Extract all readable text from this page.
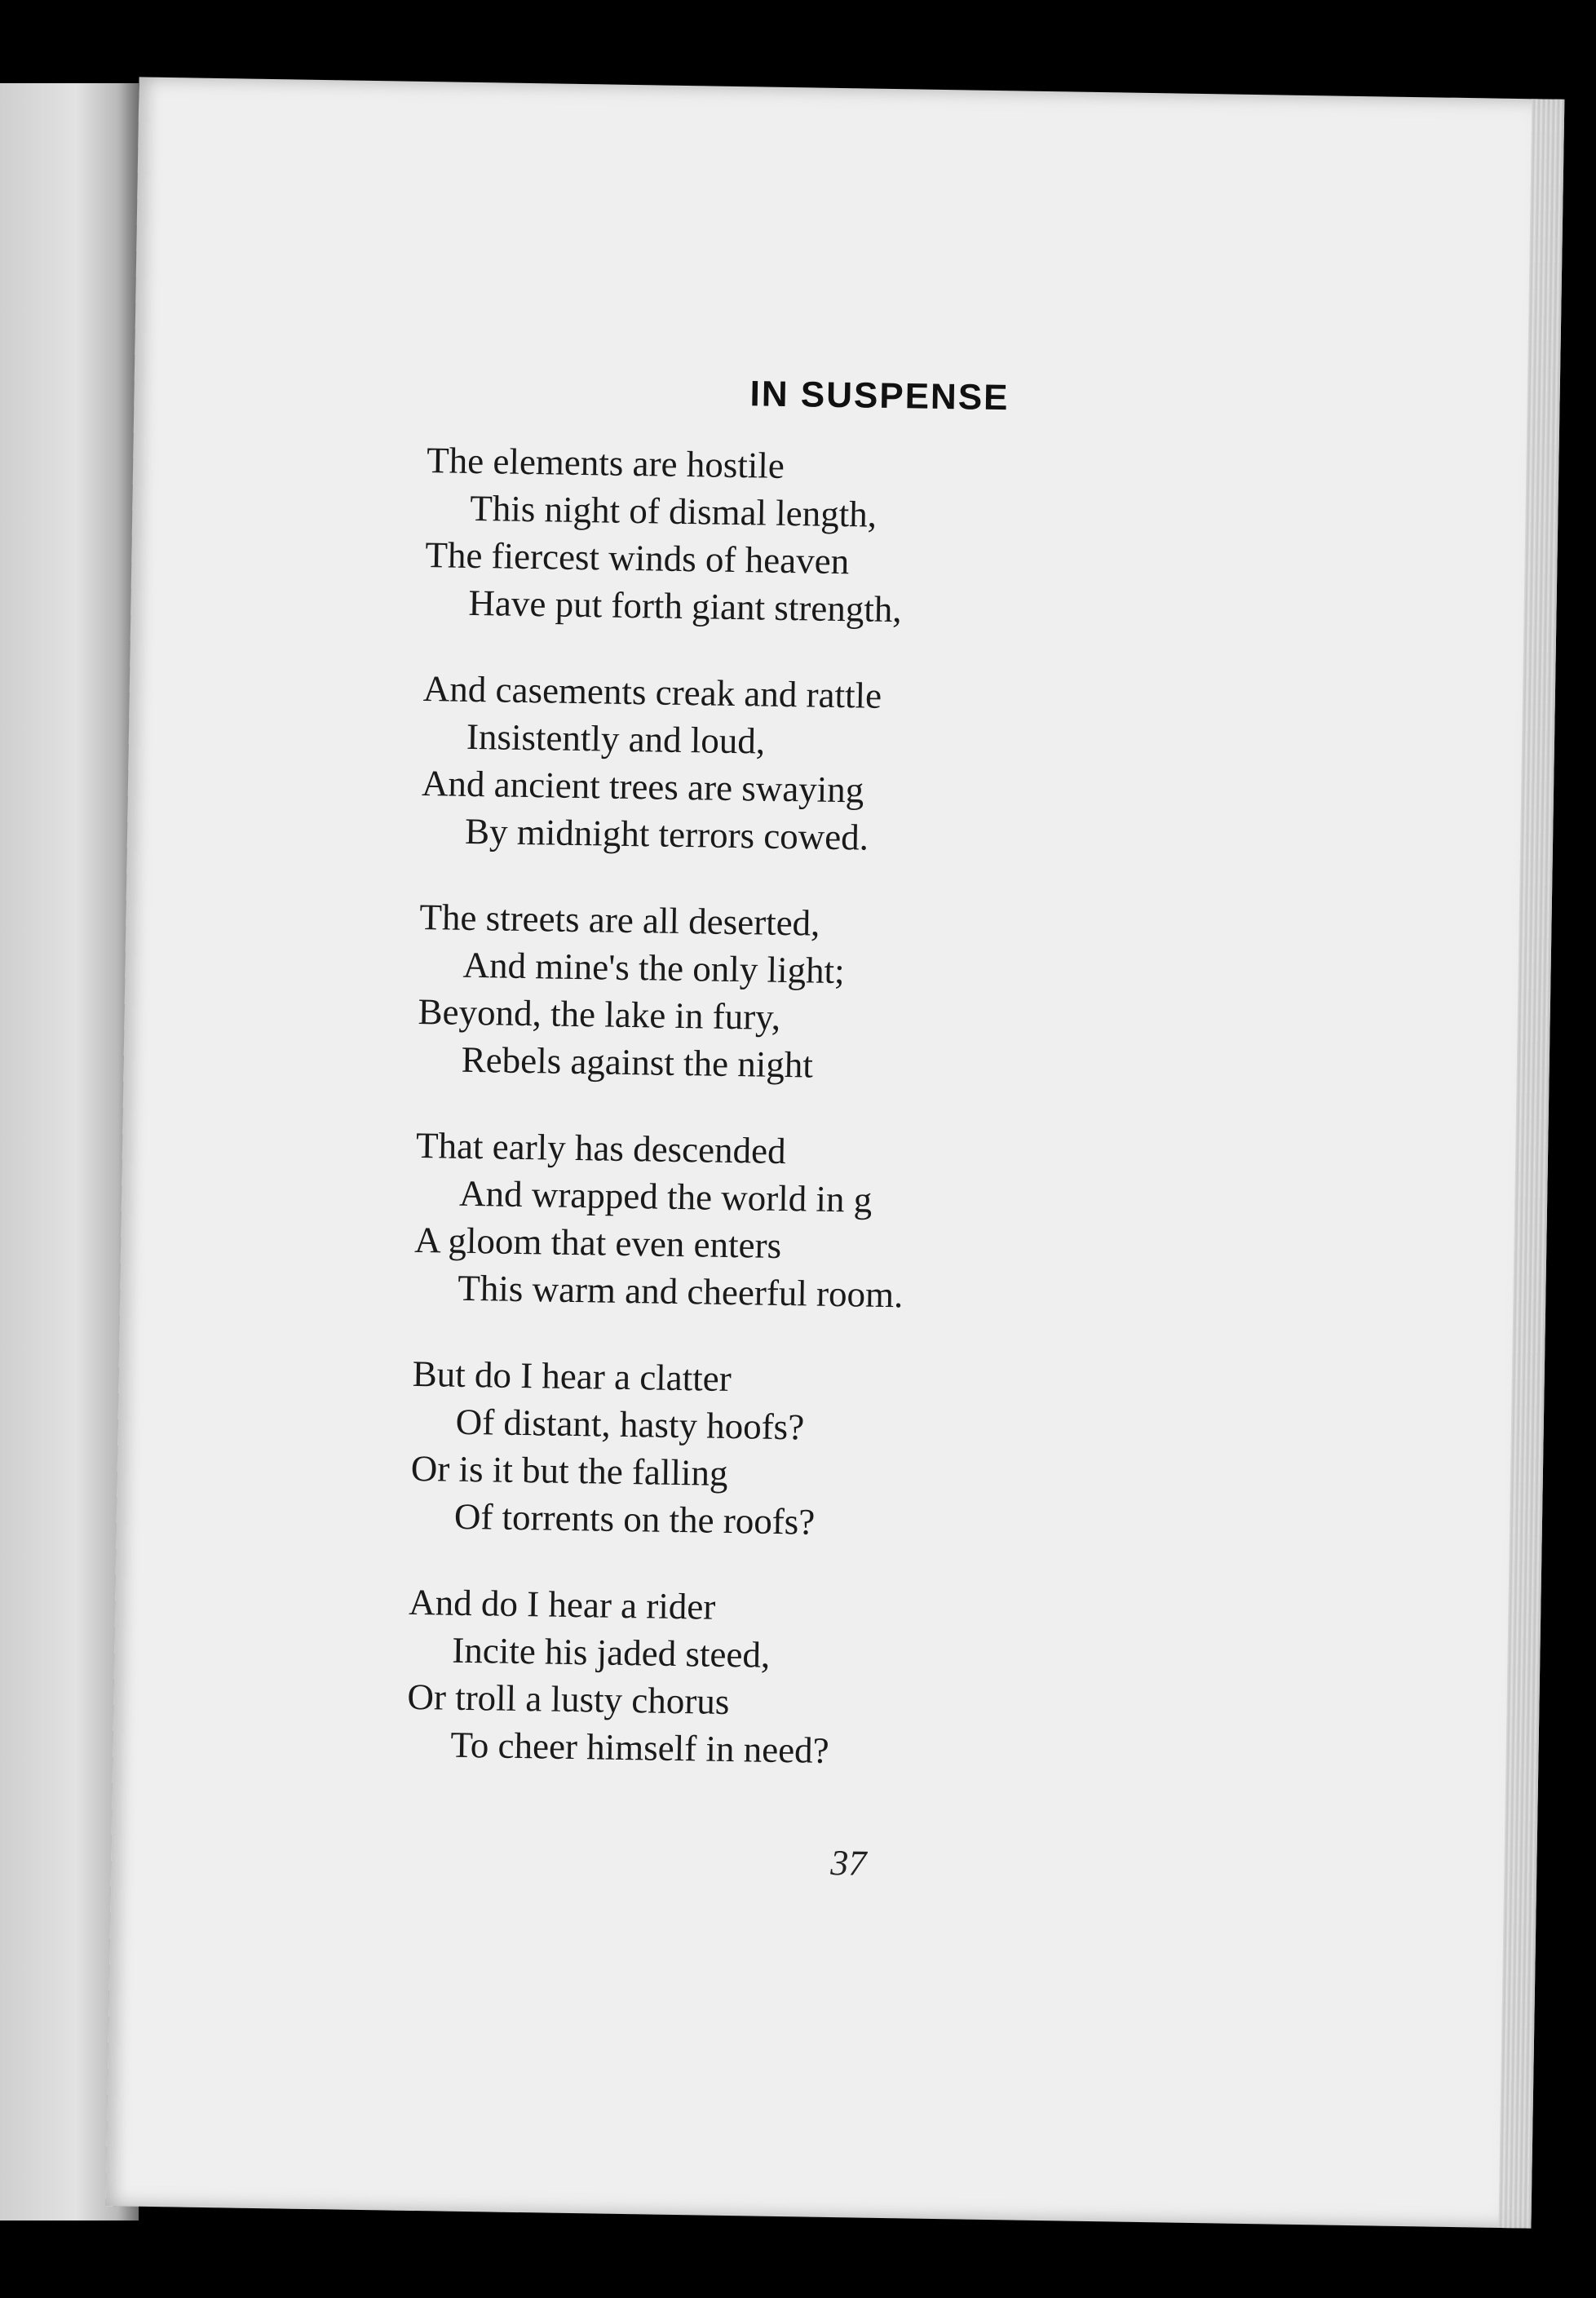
IN SUSPENSE
The elements are hostile
This night of dismal length,
The fiercest winds of heaven
Have put forth giant strength,
And casements creak and rattle
Insistently and loud,
And ancient trees are swaying
By midnight terrors cowed.
The streets are all deserted,
And mine's the only light;
Beyond, the lake in fury,
Rebels against the night
That early has descended
And wrapped the world in g
A gloom that even enters
This warm and cheerful room.
But do I hear a clatter
Of distant, hasty hoofs?
Or is it but the falling
Of torrents on the roofs?
And do I hear a rider
Incite his jaded steed,
Or troll a lusty chorus
To cheer himself in need?
37
